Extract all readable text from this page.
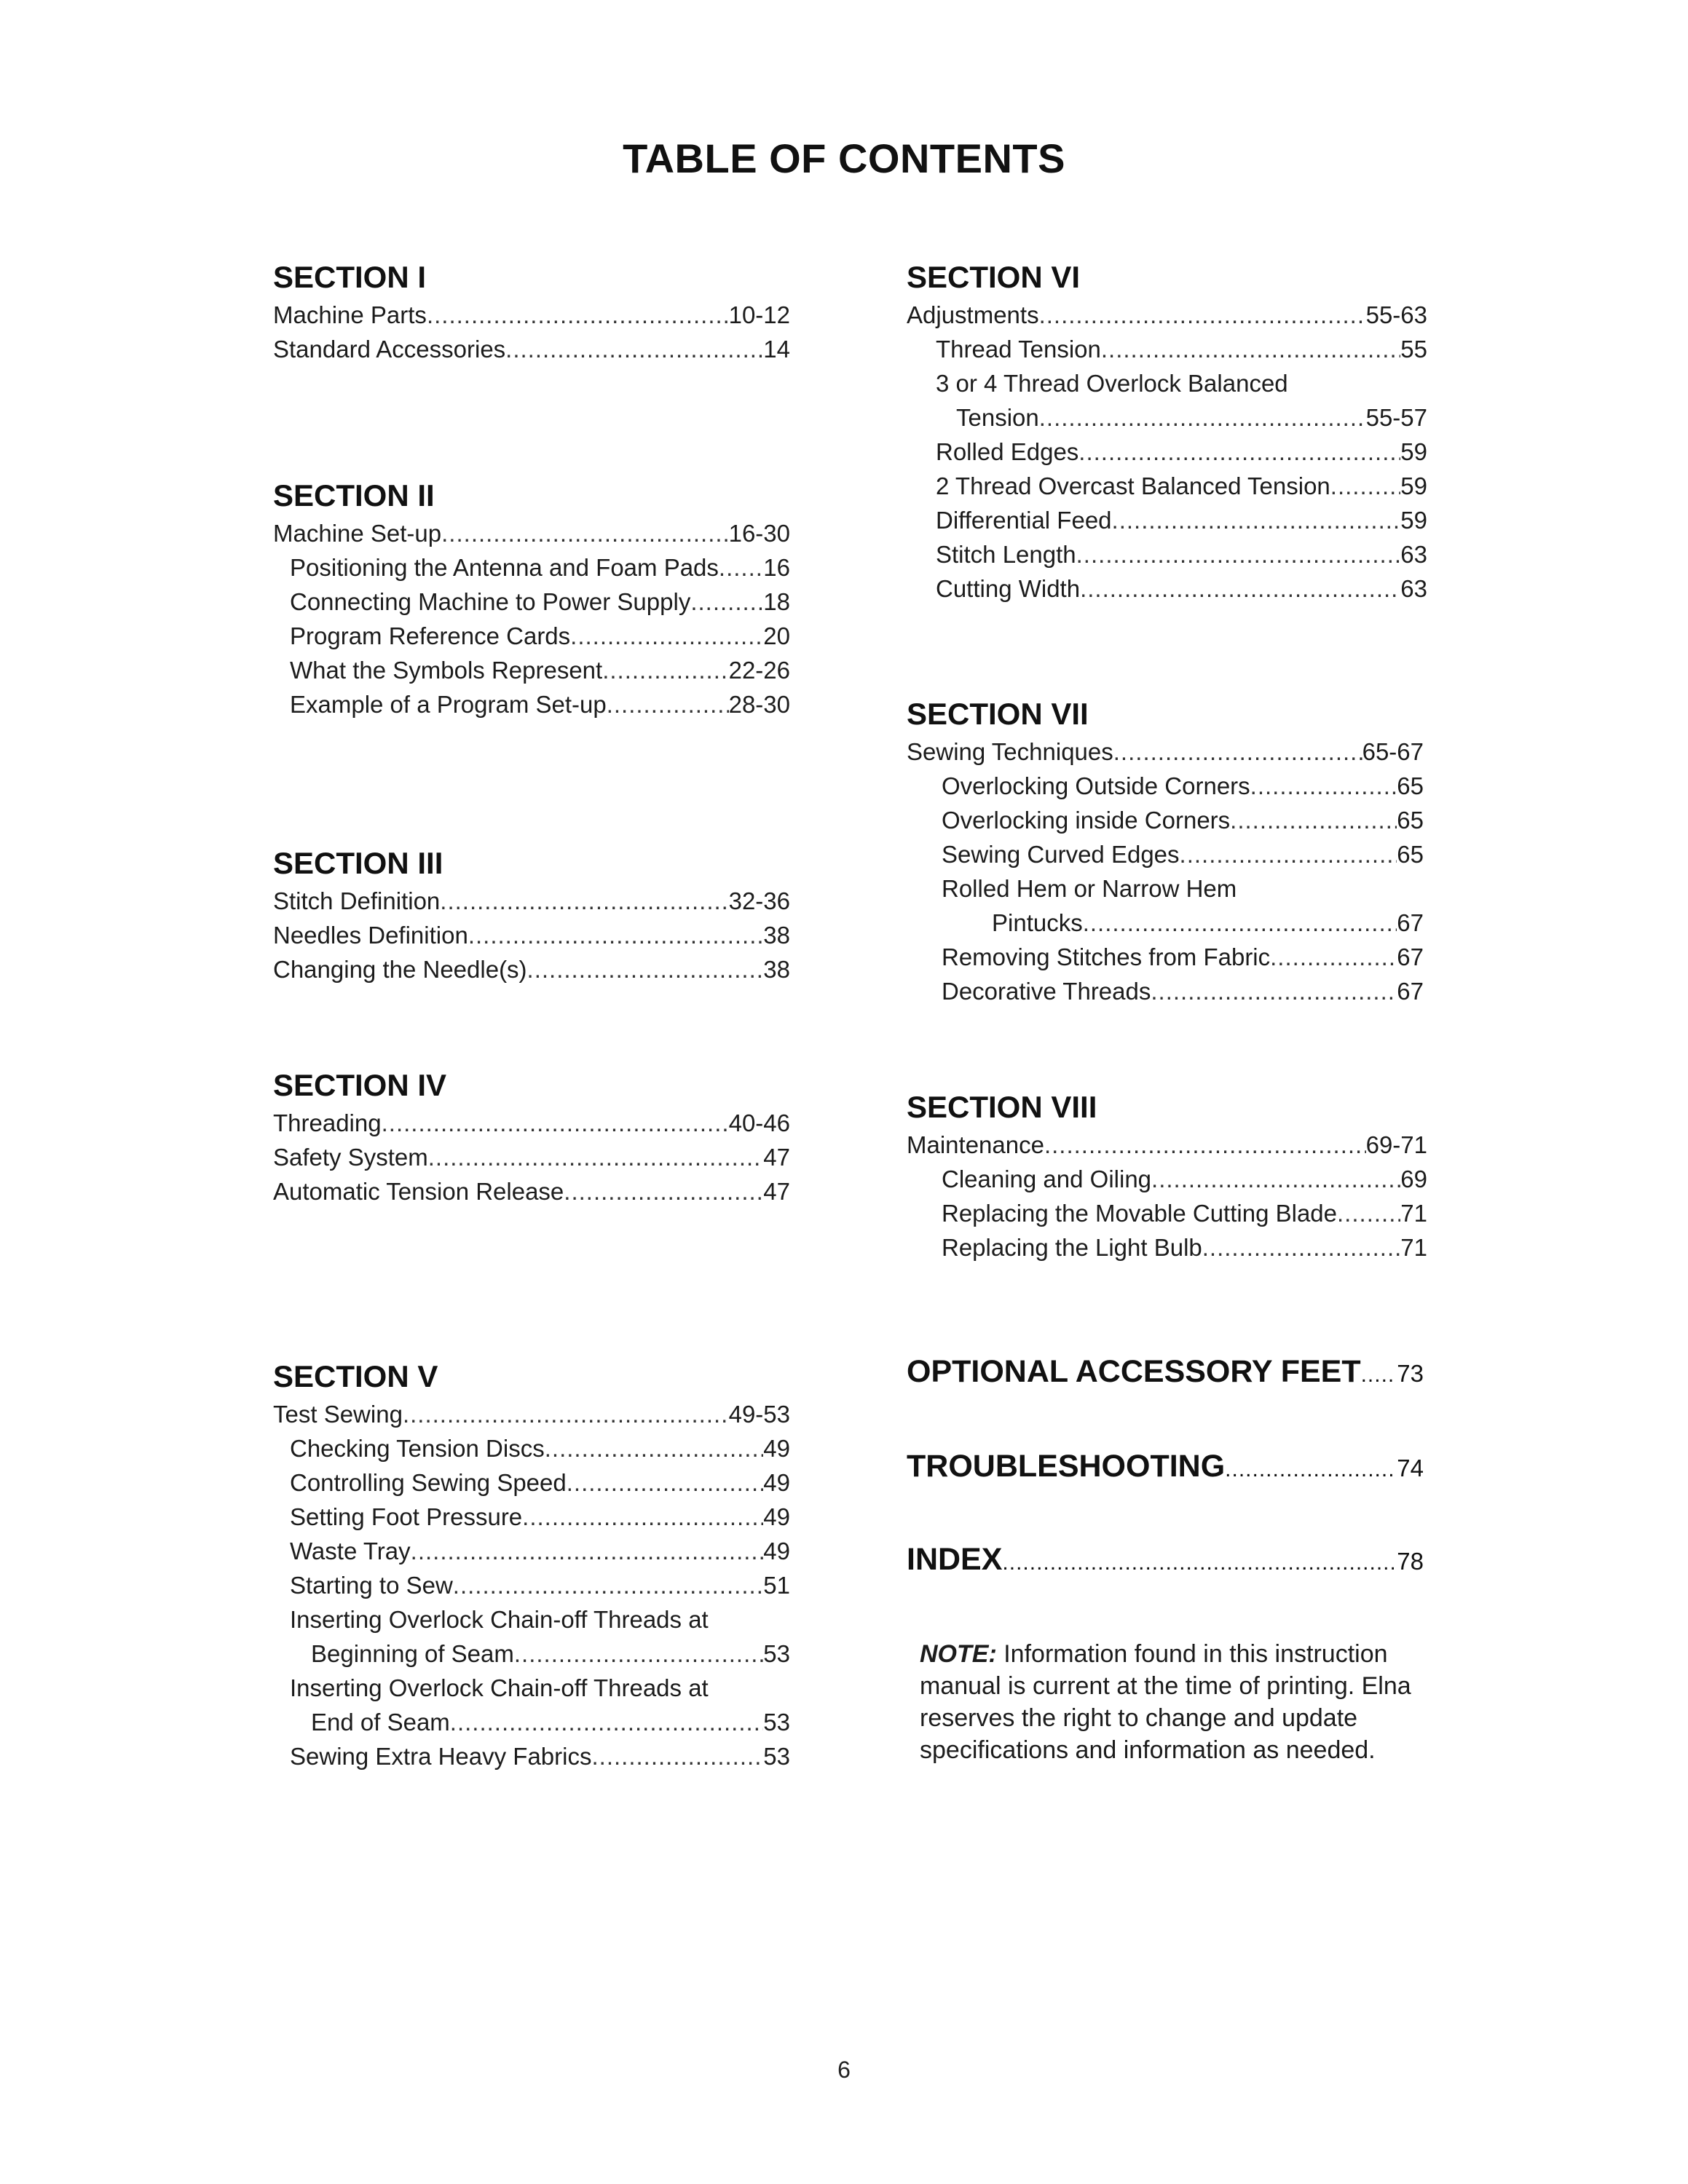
TABLE OF CONTENTS
SECTION I
Machine Parts .....	10-12
Standard Accessories .....	14
SECTION II
Machine Set-up .....	16-30
Positioning the Antenna and Foam Pads ..... 16
Connecting Machine to Power Supply .....	18
Program Reference Cards .....	20
What the Symbols Represent .....	22-26
Example of a Program Set-up .....	28-30
SECTION III
Stitch Definition .....	32-36
Needles Definition .....	38
Changing the Needle(s) .....	38
SECTION IV
Threading .....	40-46
Safety System .....	47
Automatic Tension Release .....	47
SECTION V
Test Sewing .....	49-53
Checking Tension Discs .....	49
Controlling Sewing Speed .....	49
Setting Foot Pressure .....	49
Waste Tray .....	49
Starting to Sew .....	51
Inserting Overlock Chain-off Threads at
Beginning of Seam .....	53
Inserting Overlock Chain-off Threads at
End of Seam .....	53
Sewing Extra Heavy Fabrics .....	53
SECTION VI
Adjustments .....	55-63
Thread Tension .....	55
3 or 4 Thread Overlock Balanced
Tension .....	55-57
Rolled Edges .....	59
2 Thread Overcast Balanced Tension .....	59
Differential Feed .....	59
Stitch Length .....	63
Cutting Width .....	63
SECTION VII
Sewing Techniques .....	65-67
Overlocking Outside Corners .....	65
Overlocking inside Corners .....	65
Sewing Curved Edges .....	65
Rolled Hem or Narrow Hem
Pintucks .....	67
Removing Stitches from Fabric .....	67
Decorative Threads .....	67
SECTION VIII
Maintenance .....	69-71
Cleaning and Oiling .....	69
Replacing the Movable Cutting Blade .....	71
Replacing the Light Bulb .....	71
OPTIONAL ACCESSORY FEET ..... 73
TROUBLESHOOTING .....	74
INDEX .....	78
NOTE: Information found in this instruction manual is current at the time of printing. Elna reserves the right to change and update specifications and information as needed.
6
